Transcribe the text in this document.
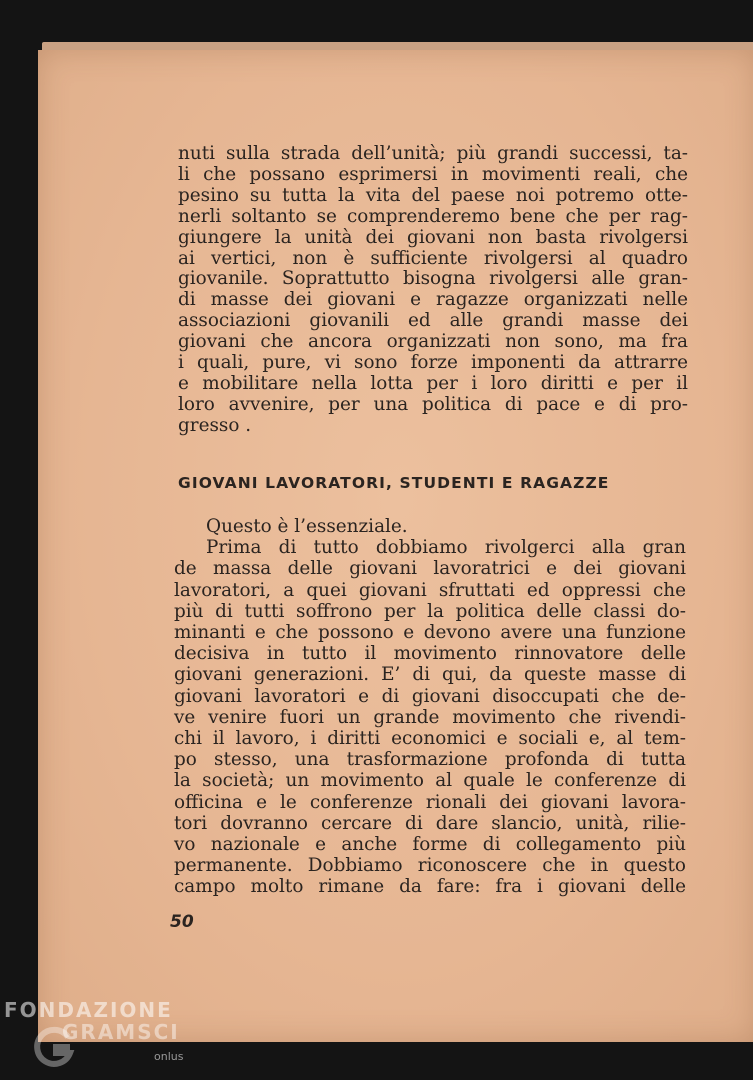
nuti sulla strada dell’unità; più grandi successi, ta-
li che possano esprimersi in movimenti reali, che
pesino su tutta la vita del paese noi potremo otte-
nerli soltanto se comprenderemo bene che per rag-
giungere la unità dei giovani non basta rivolgersi
ai vertici, non è sufficiente rivolgersi al quadro
giovanile. Soprattutto bisogna rivolgersi alle gran-
di masse dei giovani e ragazze organizzati nelle
associazioni giovanili ed alle grandi masse dei
giovani che ancora organizzati non sono, ma fra
i quali, pure, vi sono forze imponenti da attrarre
e mobilitare nella lotta per i loro diritti e per il
loro avvenire, per una politica di pace e di pro-
gresso .
GIOVANI LAVORATORI, STUDENTI E RAGAZZE
Questo è l’essenziale.
Prima di tutto dobbiamo rivolgerci alla gran
de massa delle giovani lavoratrici e dei giovani
lavoratori, a quei giovani sfruttati ed oppressi che
più di tutti soffrono per la politica delle classi do-
minanti e che possono e devono avere una funzione
decisiva in tutto il movimento rinnovatore delle
giovani generazioni. E’ di qui, da queste masse di
giovani lavoratori e di giovani disoccupati che de-
ve venire fuori un grande movimento che rivendi-
chi il lavoro, i diritti economici e sociali e, al tem-
po stesso, una trasformazione profonda di tutta
la società; un movimento al quale le conferenze di
officina e le conferenze rionali dei giovani lavora-
tori dovranno cercare di dare slancio, unità, rilie-
vo nazionale e anche forme di collegamento più
permanente. Dobbiamo riconoscere che in questo
campo molto rimane da fare: fra i giovani delle
50
FONDAZIONE
GRAMSCI
onlus
